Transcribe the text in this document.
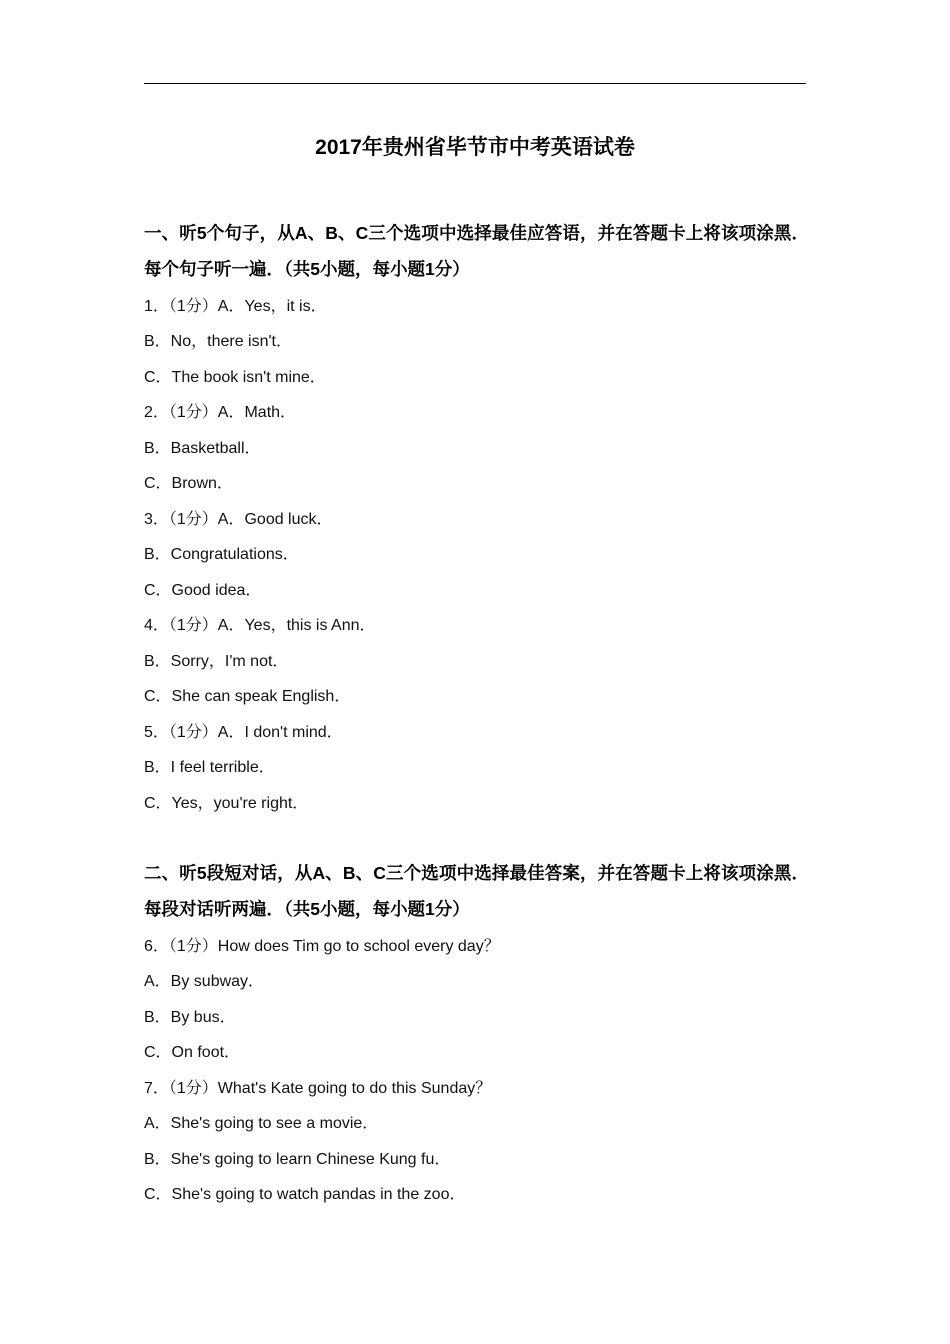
2017年贵州省毕节市中考英语试卷
一、听5个句子，从A、B、C三个选项中选择最佳应答语，并在答题卡上将该项涂黑．每个句子听一遍．（共5小题，每小题1分）
1．（1分）A．Yes，it is．
B．No，there isn't．
C．The book isn't mine．
2．（1分）A．Math．
B．Basketball．
C．Brown．
3．（1分）A．Good luck．
B．Congratulations．
C．Good idea．
4．（1分）A．Yes，this is Ann．
B．Sorry，I'm not．
C．She can speak English．
5．（1分）A．I don't mind．
B．I feel terrible．
C．Yes，you're right．
二、听5段短对话，从A、B、C三个选项中选择最佳答案，并在答题卡上将该项涂黑．每段对话听两遍．（共5小题，每小题1分）
6．（1分）How does Tim go to school every day？
A．By subway．
B．By bus．
C．On foot．
7．（1分）What's Kate going to do this Sunday？
A．She's going to see a movie．
B．She's going to learn Chinese Kung fu．
C．She's going to watch pandas in the zoo．
